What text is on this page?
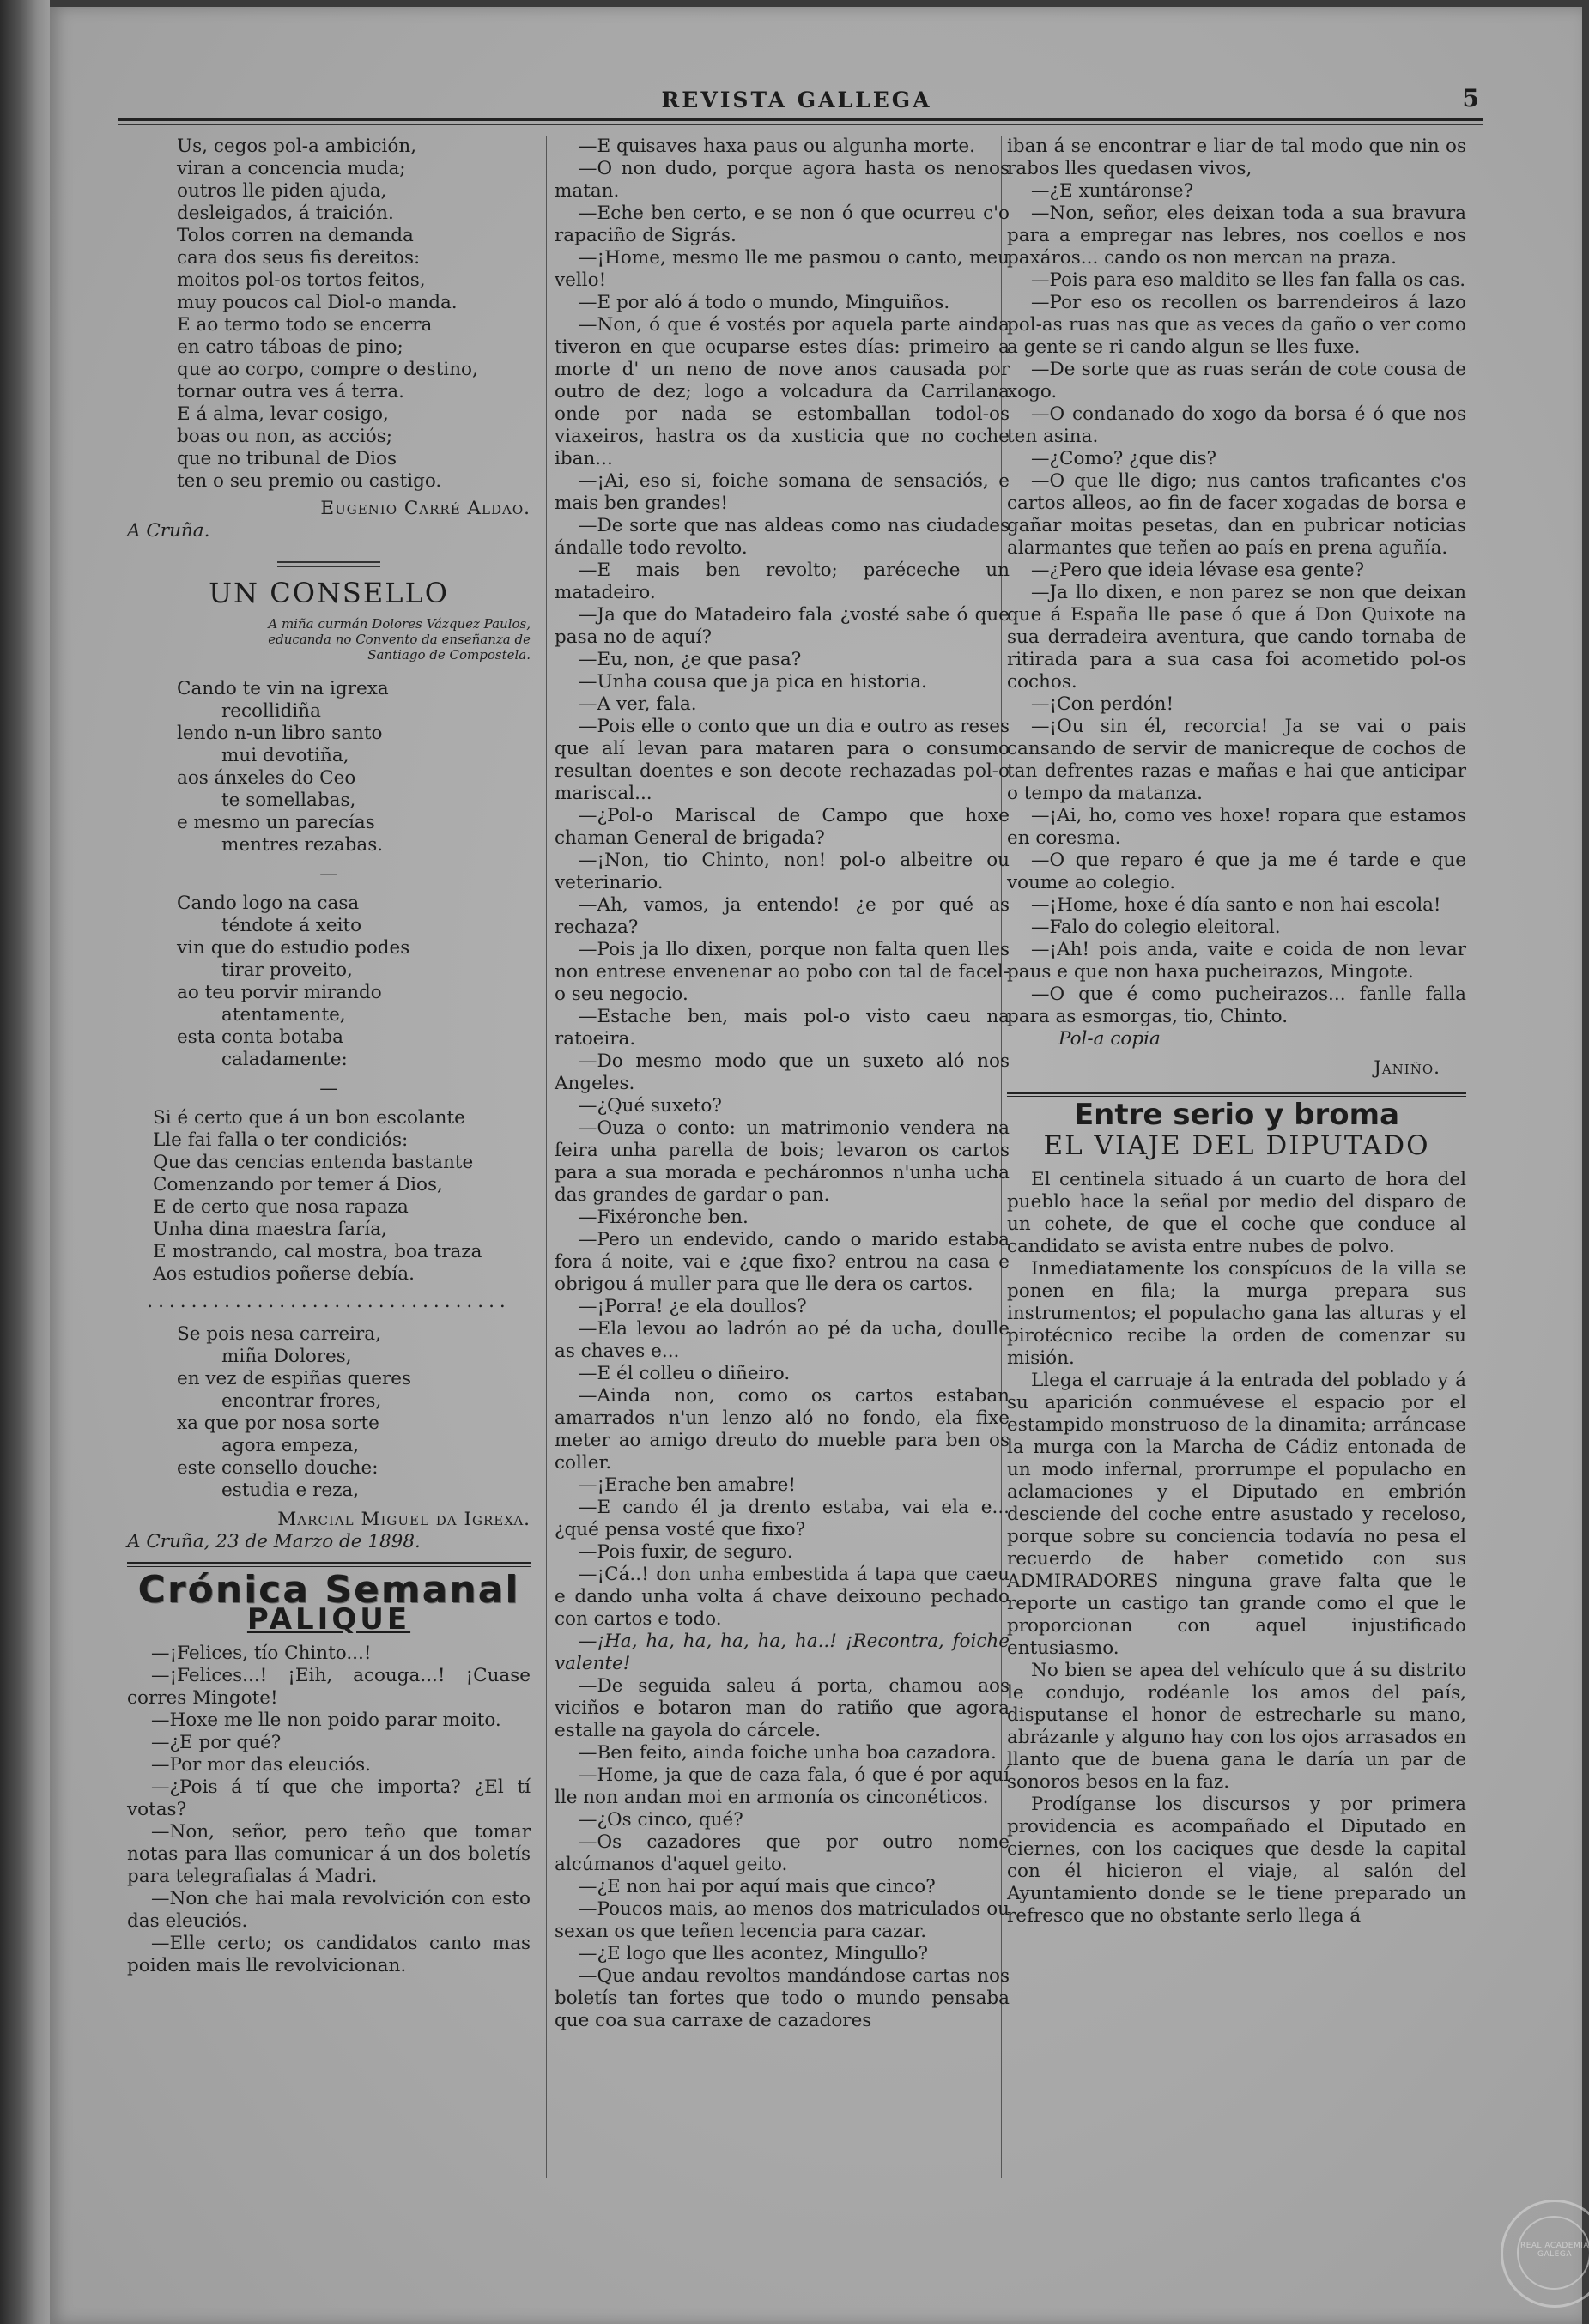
REVISTA GALLEGA	5
Us, cegos pol-a ambición,
viran a concencia muda;
outros lle piden ajuda,
desleigados, á traición.
Tolos corren na demanda
cara dos seus fis dereitos:
moitos pol-os tortos feitos,
muy poucos cal Diol-o manda.
E ao termo todo se encerra
en catro táboas de pino;
que ao corpo, compre o destino,
tornar outra ves á terra.
E á alma, levar cosigo,
boas ou non, as acciós;
que no tribunal de Dios
ten o seu premio ou castigo.
Eugenio Carré Aldao.
A Cruña.
UN CONSELLO
A miña curmán Dolores Vázquez Paulos, educanda no Convento da enseñanza de Santiago de Compostela.
Cando te vin na igrexa
recollidiña
lendo n-un libro santo
mui devotiña,
aos ánxeles do Ceo
te somellabas,
e mesmo un parecías
mentres rezabas.
—
Cando logo na casa
téndote á xeito
vin que do estudio podes
tirar proveito,
ao teu porvir mirando
atentamente,
esta conta botaba
caladamente:
—
Si é certo que á un bon escolante
Lle fai falla o ter condiciós:
Que das cencias entenda bastante
Comenzando por temer á Dios,
E de certo que nosa rapaza
Unha dina maestra faría,
E mostrando, cal mostra, boa traza
Aos estudios poñerse debía.
.................................
Se pois nesa carreira,
miña Dolores,
en vez de espiñas queres
encontrar frores,
xa que por nosa sorte
agora empeza,
este consello douche:
estudia e reza,
Marcial Miguel da Igrexa.
A Cruña, 23 de Marzo de 1898.
Crónica Semanal
PALIQUE

—¡Felices, tío Chinto...!

—¡Felices...! ¡Eih, acouga...! ¡Cuase corres Mingote!

—Hoxe me lle non poido parar moito.

—¿E por qué?

—Por mor das eleuciós.

—¿Pois á tí que che importa? ¿El tí votas?

—Non, señor, pero teño que tomar notas para llas comunicar á un dos boletís para telegrafialas á Madri.

—Non che hai mala revolvición con esto das eleuciós.

—Elle certo; os candidatos canto mas poiden mais lle revolvicionan.

—E quisaves haxa paus ou algunha morte.

—O non dudo, porque agora hasta os nenos matan.

—Eche ben certo, e se non ó que ocurreu c'o rapaciño de Sigrás.

—¡Home, mesmo lle me pasmou o canto, meu vello!

—E por aló á todo o mundo, Minguiños.

—Non, ó que é vostés por aquela parte ainda tiveron en que ocuparse estes días: primeiro a morte d' un neno de nove anos causada por outro de dez; logo a volcadura da Carrilana onde por nada se estomballan todol-os viaxeiros, hastra os da xusticia que no coche iban...

—¡Ai, eso si, foiche somana de sensaciós, e mais ben grandes!

—De sorte que nas aldeas como nas ciudades ándalle todo revolto.

—E mais ben revolto; paréceche un matadeiro.

—Ja que do Matadeiro fala ¿vosté sabe ó que pasa no de aquí?

—Eu, non, ¿e que pasa?

—Unha cousa que ja pica en historia.

—A ver, fala.

—Pois elle o conto que un dia e outro as reses que alí levan para mataren para o consumo resultan doentes e son decote rechazadas pol-o mariscal...

—¿Pol-o Mariscal de Campo que hoxe chaman General de brigada?

—¡Non, tio Chinto, non! pol-o albeitre ou veterinario.

—Ah, vamos, ja entendo! ¿e por qué as rechaza?

—Pois ja llo dixen, porque non falta quen lles non entrese envenenar ao pobo con tal de facel-o seu negocio.

—Estache ben, mais pol-o visto caeu na ratoeira.

—Do mesmo modo que un suxeto aló nos Angeles.

—¿Qué suxeto?

—Ouza o conto: un matrimonio vendera na feira unha parella de bois; levaron os cartos para a sua morada e pecháronnos n'unha ucha das grandes de gardar o pan.

—Fixéronche ben.

—Pero un endevido, cando o marido estaba fora á noite, vai e ¿que fixo? entrou na casa e obrigou á muller para que lle dera os cartos.

—¡Porra! ¿e ela doullos?

—Ela levou ao ladrón ao pé da ucha, doulle as chaves e...

—E él colleu o diñeiro.

—Ainda non, como os cartos estaban amarrados n'un lenzo aló no fondo, ela fixe meter ao amigo dreuto do mueble para ben os coller.

—¡Erache ben amabre!

—E cando él ja drento estaba, vai ela e... ¿qué pensa vosté que fixo?

—Pois fuxir, de seguro.

—¡Cá..! don unha embestida á tapa que caeu e dando unha volta á chave deixouno pechado con cartos e todo.

—¡Ha, ha, ha, ha, ha, ha..! ¡Recontra, foiche valente!

—De seguida saleu á porta, chamou aos viciños e botaron man do ratiño que agora estalle na gayola do cárcele.

—Ben feito, ainda foiche unha boa cazadora.

—Home, ja que de caza fala, ó que é por aquí lle non andan moi en armonía os cinconéticos.

—¿Os cinco, qué?

—Os cazadores que por outro nome alcúmanos d'aquel geito.

—¿E non hai por aquí mais que cinco?

—Poucos mais, ao menos dos matriculados ou sexan os que teñen lecencia para cazar.

—¿E logo que lles acontez, Mingullo?

—Que andau revoltos mandándose cartas nos boletís tan fortes que todo o mundo pensaba que coa sua carraxe de cazadores

iban á se encontrar e liar de tal modo que nin os rabos lles quedasen vivos,

—¿E xuntáronse?

—Non, señor, eles deixan toda a sua bravura para a empregar nas lebres, nos coellos e nos paxáros... cando os non mercan na praza.

—Pois para eso maldito se lles fan falla os cas.

—Por eso os recollen os barrendeiros á lazo pol-as ruas nas que as veces da gaño o ver como a gente se ri cando algun se lles fuxe.

—De sorte que as ruas serán de cote cousa de xogo.

—O condanado do xogo da borsa é ó que nos ten asina.

—¿Como? ¿que dis?

—O que lle digo; nus cantos traficantes c'os cartos alleos, ao fin de facer xogadas de borsa e gañar moitas pesetas, dan en pubricar noticias alarmantes que teñen ao país en prena aguñía.

—¿Pero que ideia lévase esa gente?

—Ja llo dixen, e non parez se non que deixan que á España lle pase ó que á Don Quixote na sua derradeira aventura, que cando tornaba de ritirada para a sua casa foi acometido pol-os cochos.

—¡Con perdón!

—¡Ou sin él, recorcia! Ja se vai o pais cansando de servir de manicreque de cochos de tan defrentes razas e mañas e hai que anticipar o tempo da matanza.

—¡Ai, ho, como ves hoxe! ropara que estamos en coresma.

—O que reparo é que ja me é tarde e que voume ao colegio.

—¡Home, hoxe é día santo e non hai escola!

—Falo do colegio eleitoral.

—¡Ah! pois anda, vaite e coida de non levar paus e que non haxa pucheirazos, Mingote.

—O que é como pucheirazos... fanlle falla para as esmorgas, tio, Chinto.

Pol-a copia

Janiño.
Entre serio y broma
EL VIAJE DEL DIPUTADO

El centinela situado á un cuarto de hora del pueblo hace la señal por medio del disparo de un cohete, de que el coche que conduce al candidato se avista entre nubes de polvo.

Inmediatamente los conspícuos de la villa se ponen en fila; la murga prepara sus instrumentos; el populacho gana las alturas y el pirotécnico recibe la orden de comenzar su misión.

Llega el carruaje á la entrada del poblado y á su aparición conmuévese el espacio por el estampido monstruoso de la dinamita; arráncase la murga con la Marcha de Cádiz entonada de un modo infernal, prorrumpe el populacho en aclamaciones y el Diputado en embrión desciende del coche entre asustado y receloso, porque sobre su conciencia todavía no pesa el recuerdo de haber cometido con sus ADMIRADORES ninguna grave falta que le reporte un castigo tan grande como el que le proporcionan con aquel injustificado entusiasmo.

No bien se apea del vehículo que á su distrito le condujo, rodéanle los amos del país, disputanse el honor de estrecharle su mano, abrázanle y alguno hay con los ojos arrasados en llanto que de buena gana le daría un par de sonoros besos en la faz.

Prodíganse los discursos y por primera providencia es acompañado el Diputado en ciernes, con los caciques que desde la capital con él hicieron el viaje, al salón del Ayuntamiento donde se le tiene preparado un refresco que no obstante serlo llega á

REAL ACADEMIA GALEGA
